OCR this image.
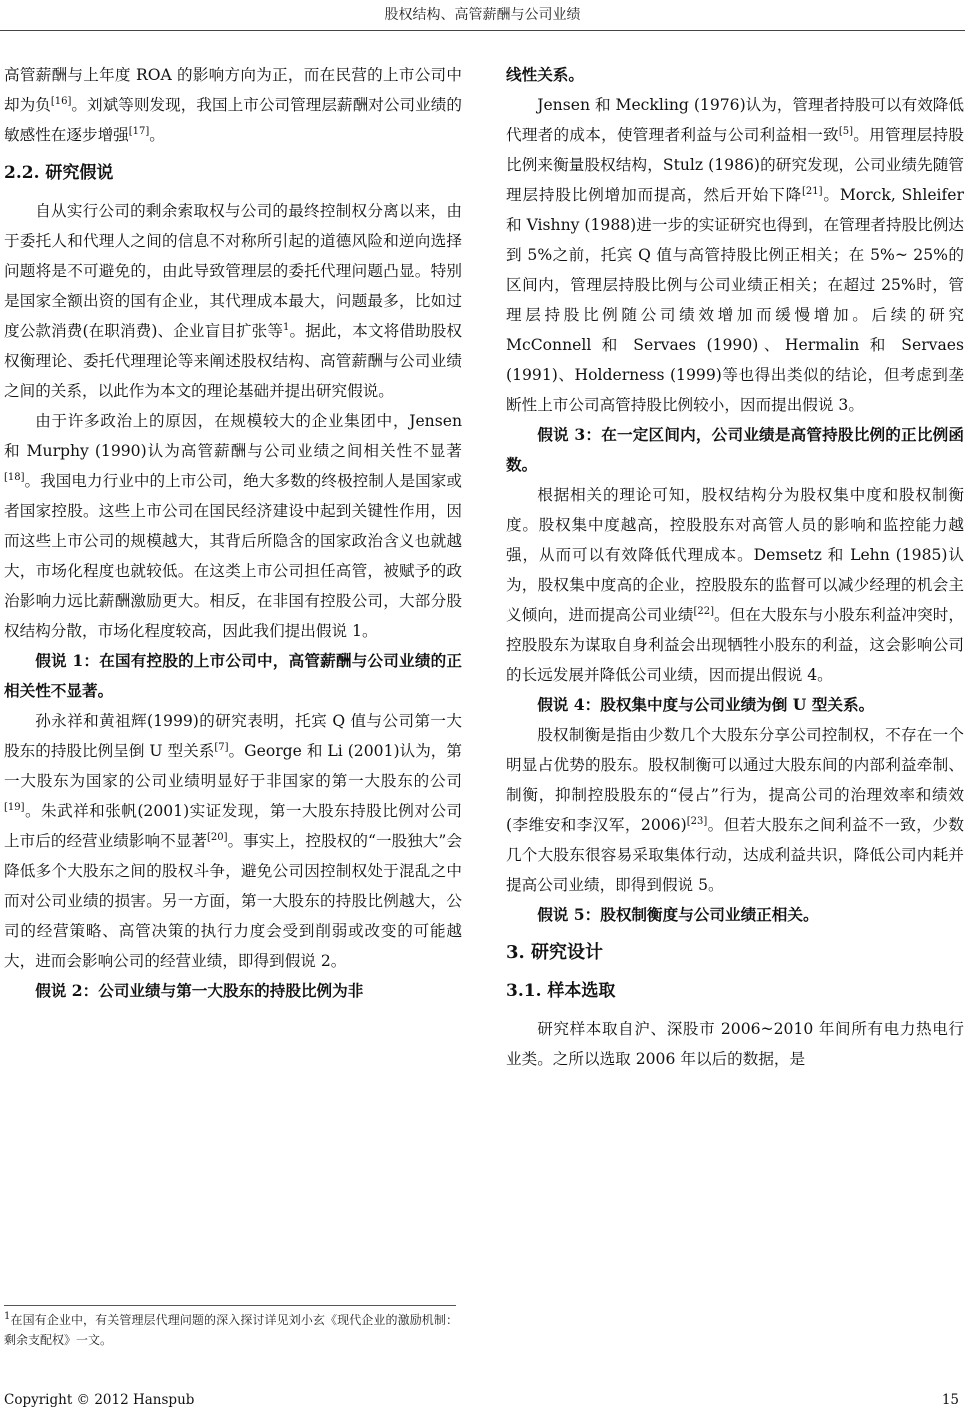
股权结构、高管薪酬与公司业绩

高管薪酬与上年度 ROA 的影响方向为正，而在民营的上市公司中却为负[16]。刘斌等则发现，我国上市公司管理层薪酬对公司业绩的敏感性在逐步增强[17]。

2.2. 研究假说

自从实行公司的剩余索取权与公司的最终控制权分离以来，由于委托人和代理人之间的信息不对称所引起的道德风险和逆向选择问题将是不可避免的，由此导致管理层的委托代理问题凸显。特别是国家全额出资的国有企业，其代理成本最大，问题最多，比如过度公款消费(在职消费)、企业盲目扩张等$^1$。据此，本文将借助股权权衡理论、委托代理理论等来阐述股权结构、高管薪酬与公司业绩之间的关系，以此作为本文的理论基础并提出研究假说。

由于许多政治上的原因，在规模较大的企业集团中，Jensen 和 Murphy (1990)认为高管薪酬与公司业绩之间相关性不显著[18]。我国电力行业中的上市公司，绝大多数的终极控制人是国家或者国家控股。这些上市公司在国民经济建设中起到关键性作用，因而这些上市公司的规模越大，其背后所隐含的国家政治含义也就越大，市场化程度也就较低。在这类上市公司担任高管，被赋予的政治影响力远比薪酬激励更大。相反，在非国有控股公司，大部分股权结构分散，市场化程度较高，因此我们提出假说 1。

假说 1：在国有控股的上市公司中，高管薪酬与公司业绩的正相关性不显著。

孙永祥和黄祖辉(1999)的研究表明，托宾 Q 值与公司第一大股东的持股比例呈倒 U 型关系[7]。George 和 Li (2001)认为，第一大股东为国家的公司业绩明显好于非国家的第一大股东的公司[19]。朱武祥和张帆(2001)实证发现，第一大股东持股比例对公司上市后的经营业绩影响不显著[20]。事实上，控股权的“一股独大”会降低多个大股东之间的股权斗争，避免公司因控制权处于混乱之中而对公司业绩的损害。另一方面，第一大股东的持股比例越大，公司的经营策略、高管决策的执行力度会受到削弱或改变的可能越大，进而会影响公司的经营业绩，即得到假说 2。

假说 2：公司业绩与第一大股东的持股比例为非

线性关系。

Jensen 和 Meckling (1976)认为，管理者持股可以有效降低代理者的成本，使管理者利益与公司利益相一致[5]。用管理层持股比例来衡量股权结构，Stulz (1986)的研究发现，公司业绩先随管理层持股比例增加而提高，然后开始下降[21]。Morck, Shleifer 和 Vishny (1988)进一步的实证研究也得到，在管理者持股比例达到 5%之前，托宾 Q 值与高管持股比例正相关；在 5%~ 25%的区间内，管理层持股比例与公司业绩正相关；在超过 25%时，管理层持股比例随公司绩效增加而缓慢增加。后续的研究 McConnell 和 Servaes (1990)、Hermalin 和 Servaes (1991)、Holderness (1999)等也得出类似的结论，但考虑到垄断性上市公司高管持股比例较小，因而提出假说 3。

假说 3：在一定区间内，公司业绩是高管持股比例的正比例函数。

根据相关的理论可知，股权结构分为股权集中度和股权制衡度。股权集中度越高，控股股东对高管人员的影响和监控能力越强，从而可以有效降低代理成本。Demsetz 和 Lehn (1985)认为，股权集中度高的企业，控股股东的监督可以减少经理的机会主义倾向，进而提高公司业绩[22]。但在大股东与小股东利益冲突时，控股股东为谋取自身利益会出现牺牲小股东的利益，这会影响公司的长远发展并降低公司业绩，因而提出假说 4。

假说 4：股权集中度与公司业绩为倒 U 型关系。

股权制衡是指由少数几个大股东分享公司控制权，不存在一个明显占优势的股东。股权制衡可以通过大股东间的内部利益牵制、制衡，抑制控股股东的“侵占”行为，提高公司的治理效率和绩效(李维安和李汉军，2006)[23]。但若大股东之间利益不一致，少数几个大股东很容易采取集体行动，达成利益共识，降低公司内耗并提高公司业绩，即得到假说 5。

假说 5：股权制衡度与公司业绩正相关。

3. 研究设计
3.1. 样本选取

研究样本取自沪、深股市 2006~2010 年间所有电力热电行业类。之所以选取 2006 年以后的数据，是

$^1$在国有企业中，有关管理层代理问题的深入探讨详见刘小玄《现代企业的激励机制：剩余支配权》一文。
Copyright © 2012 Hanspub	15
